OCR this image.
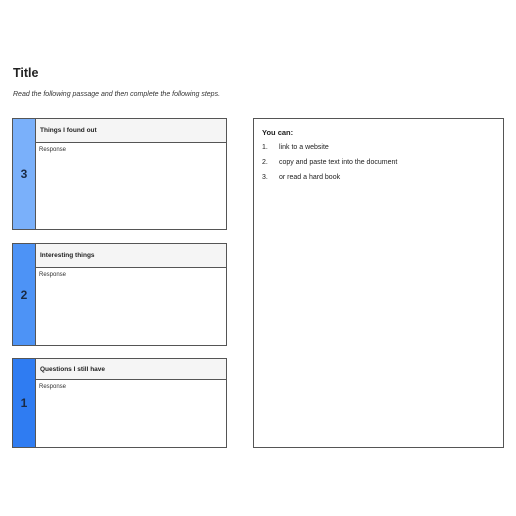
Title
Read the following passage and then complete the following steps.
3
Things I found out
Response
2
Interesting things
Response
1
Questions I still have
Response
You can:
1.	link to a website
2.	copy and paste text into the document
3.	or read a hard book
